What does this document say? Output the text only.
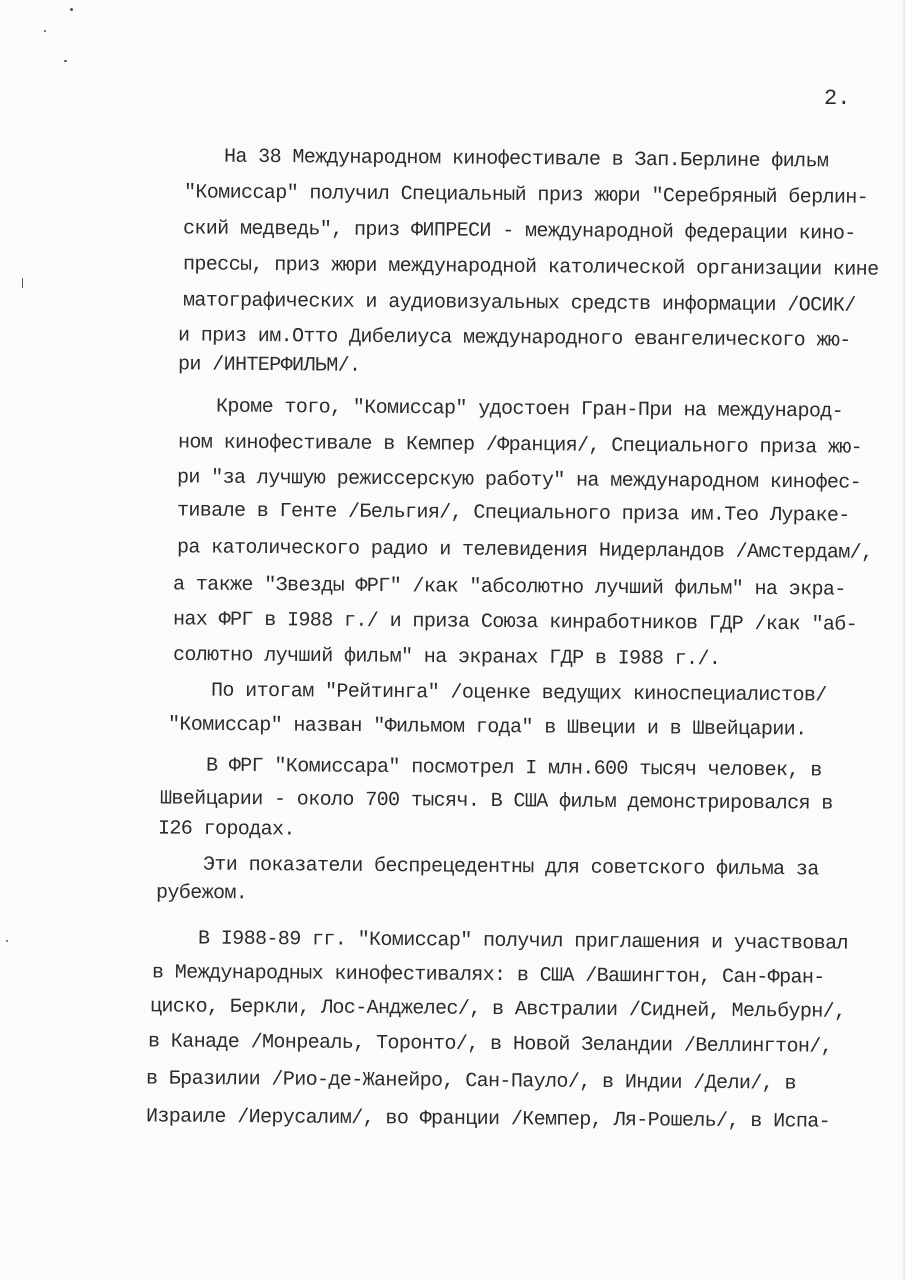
2.
На 38 Международном кинофестивале в Зап.Берлине фильм
"Комиссар" получил Специальный приз жюри "Серебряный берлин-
ский медведь", приз ФИПРЕСИ - международной федерации кино-
прессы, приз жюри международной католической организации кине
матографических и аудиовизуальных средств информации /ОСИК/
и приз им.Отто Дибелиуса международного евангелического жю-
ри /ИНТЕРФИЛЬМ/.
Кроме того, "Комиссар" удостоен Гран-При на международ-
ном кинофестивале в Кемпер /Франция/, Специального приза жю-
ри "за лучшую режиссерскую работу" на международном кинофес-
тивале в Генте /Бельгия/, Специального приза им.Тео Лураке-
ра католического радио и телевидения Нидерландов /Амстердам/,
а также "Звезды ФРГ" /как "абсолютно лучший фильм" на экра-
нах ФРГ в I988 г./ и приза Союза кинработников ГДР /как "аб-
солютно лучший фильм" на экранах ГДР в I988 г./.
По итогам "Рейтинга" /оценке ведущих киноспециалистов/
"Комиссар" назван "Фильмом года" в Швеции и в Швейцарии.
В ФРГ "Комиссара" посмотрел I млн.600 тысяч человек, в
Швейцарии - около 700 тысяч. В США фильм демонстрировался в
I26 городах.
Эти показатели беспрецедентны для советского фильма за
рубежом.
В I988-89 гг. "Комиссар" получил приглашения и участвовал
в Международных кинофестивалях: в США /Вашингтон, Сан-Фран-
циско, Беркли, Лос-Анджелес/, в Австралии /Сидней, Мельбурн/,
в Канаде /Монреаль, Торонто/, в Новой Зеландии /Веллингтон/,
в Бразилии /Рио-де-Жанейро, Сан-Пауло/, в Индии /Дели/, в
Израиле /Иерусалим/, во Франции /Кемпер, Ля-Рошель/, в Испа-
